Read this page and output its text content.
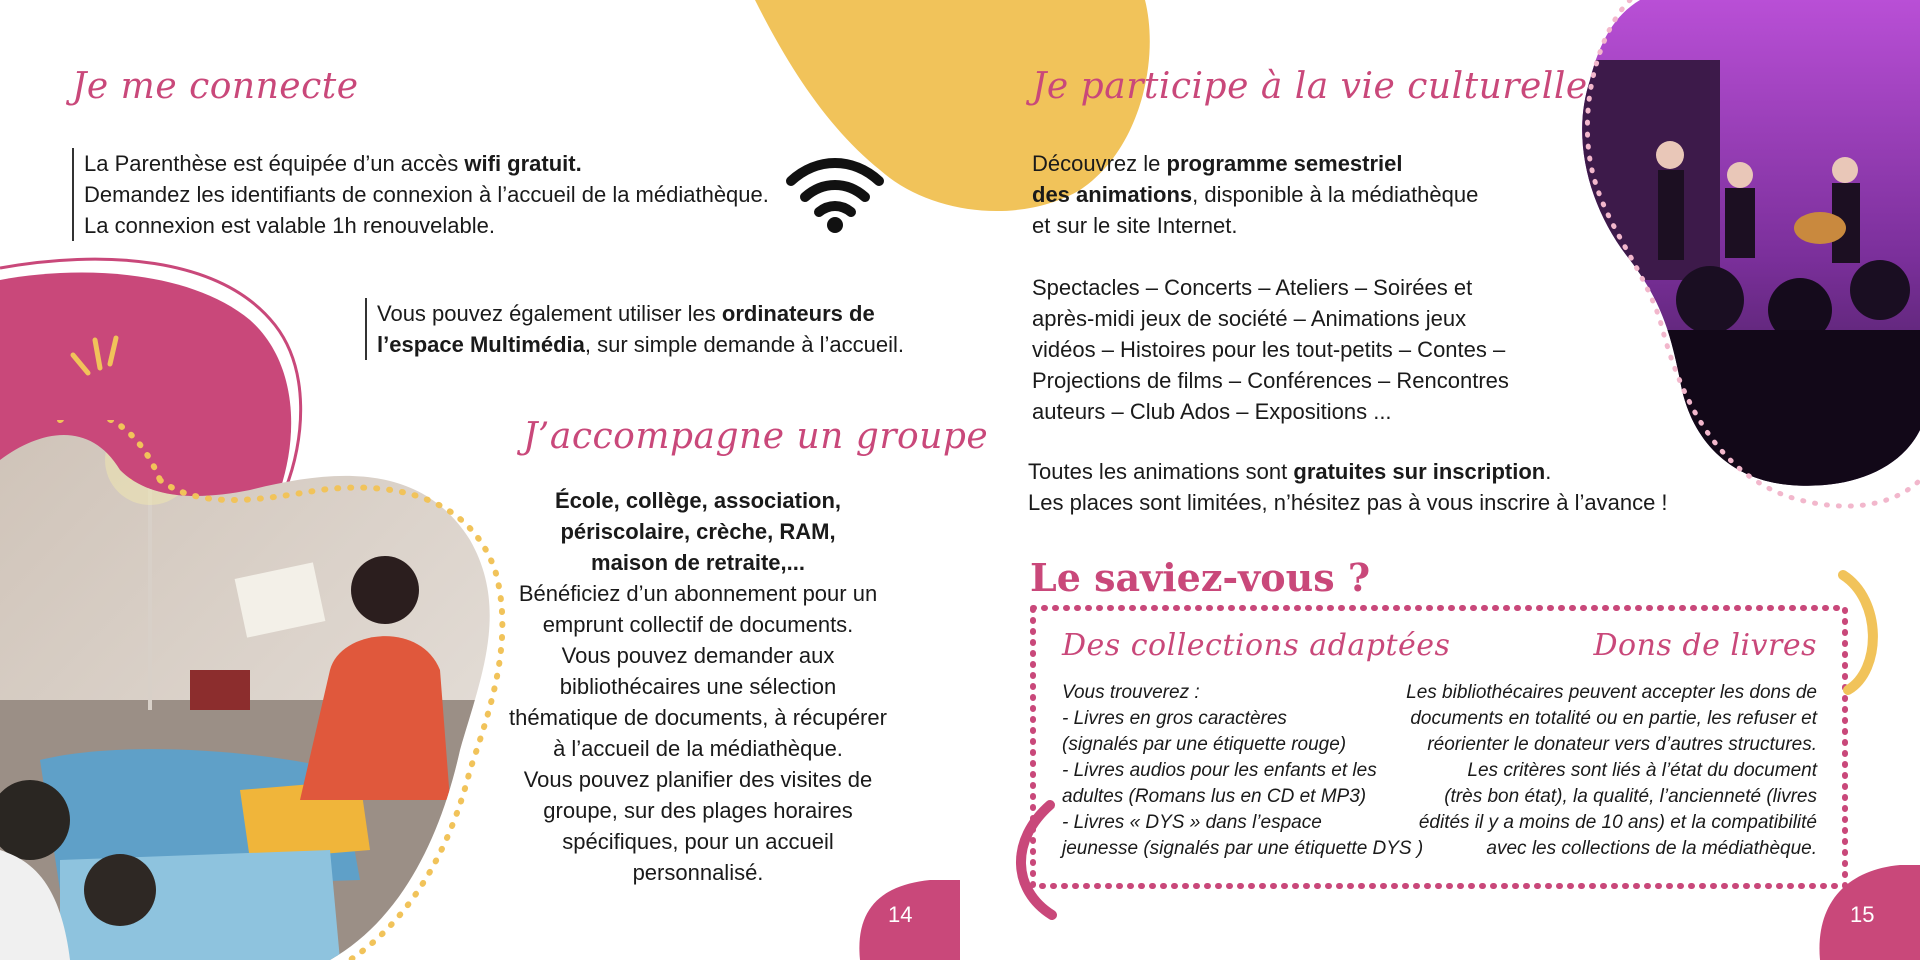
Je me connecte
La Parenthèse est équipée d’un accès wifi gratuit.
Demandez les identifiants de connexion à l’accueil de la médiathèque.
La connexion est valable 1h renouvelable.
Vous pouvez également utiliser les ordinateurs de
l’espace Multimédia, sur simple demande à l’accueil.
J’accompagne un groupe
École, collège, association,
périscolaire, crèche, RAM,
maison de retraite,...
Bénéficiez d’un abonnement pour un
emprunt collectif de documents.
Vous pouvez demander aux
bibliothécaires une sélection
thématique de documents, à récupérer
à l’accueil de la médiathèque.
Vous pouvez planifier des visites de
groupe, sur des plages horaires
spécifiques, pour un accueil
personnalisé.
14
Je participe à la vie culturelle
Découvrez le programme semestriel
des animations, disponible à la médiathèque
et sur le site Internet.
Spectacles – Concerts – Ateliers – Soirées et
après-midi jeux de société – Animations jeux
vidéos – Histoires pour les tout-petits – Contes –
Projections de films – Conférences – Rencontres
auteurs – Club Ados – Expositions ...
Toutes les animations sont gratuites sur inscription.
Les places sont limitées, n’hésitez pas à vous inscrire à l’avance !
Le saviez-vous ?
Des collections adaptées
Vous trouverez :
- Livres en gros caractères
(signalés par une étiquette rouge)
- Livres audios pour les enfants et les
adultes (Romans lus en CD et MP3)
- Livres « DYS » dans l’espace
jeunesse (signalés par une étiquette DYS )
Dons de livres
Les bibliothécaires peuvent accepter les dons de
documents en totalité ou en partie, les refuser et
réorienter le donateur vers d’autres structures.
Les critères sont liés à l’état du document
(très bon état), la qualité, l’ancienneté (livres
édités il y a moins de 10 ans) et la compatibilité
avec les collections de la médiathèque.
15
